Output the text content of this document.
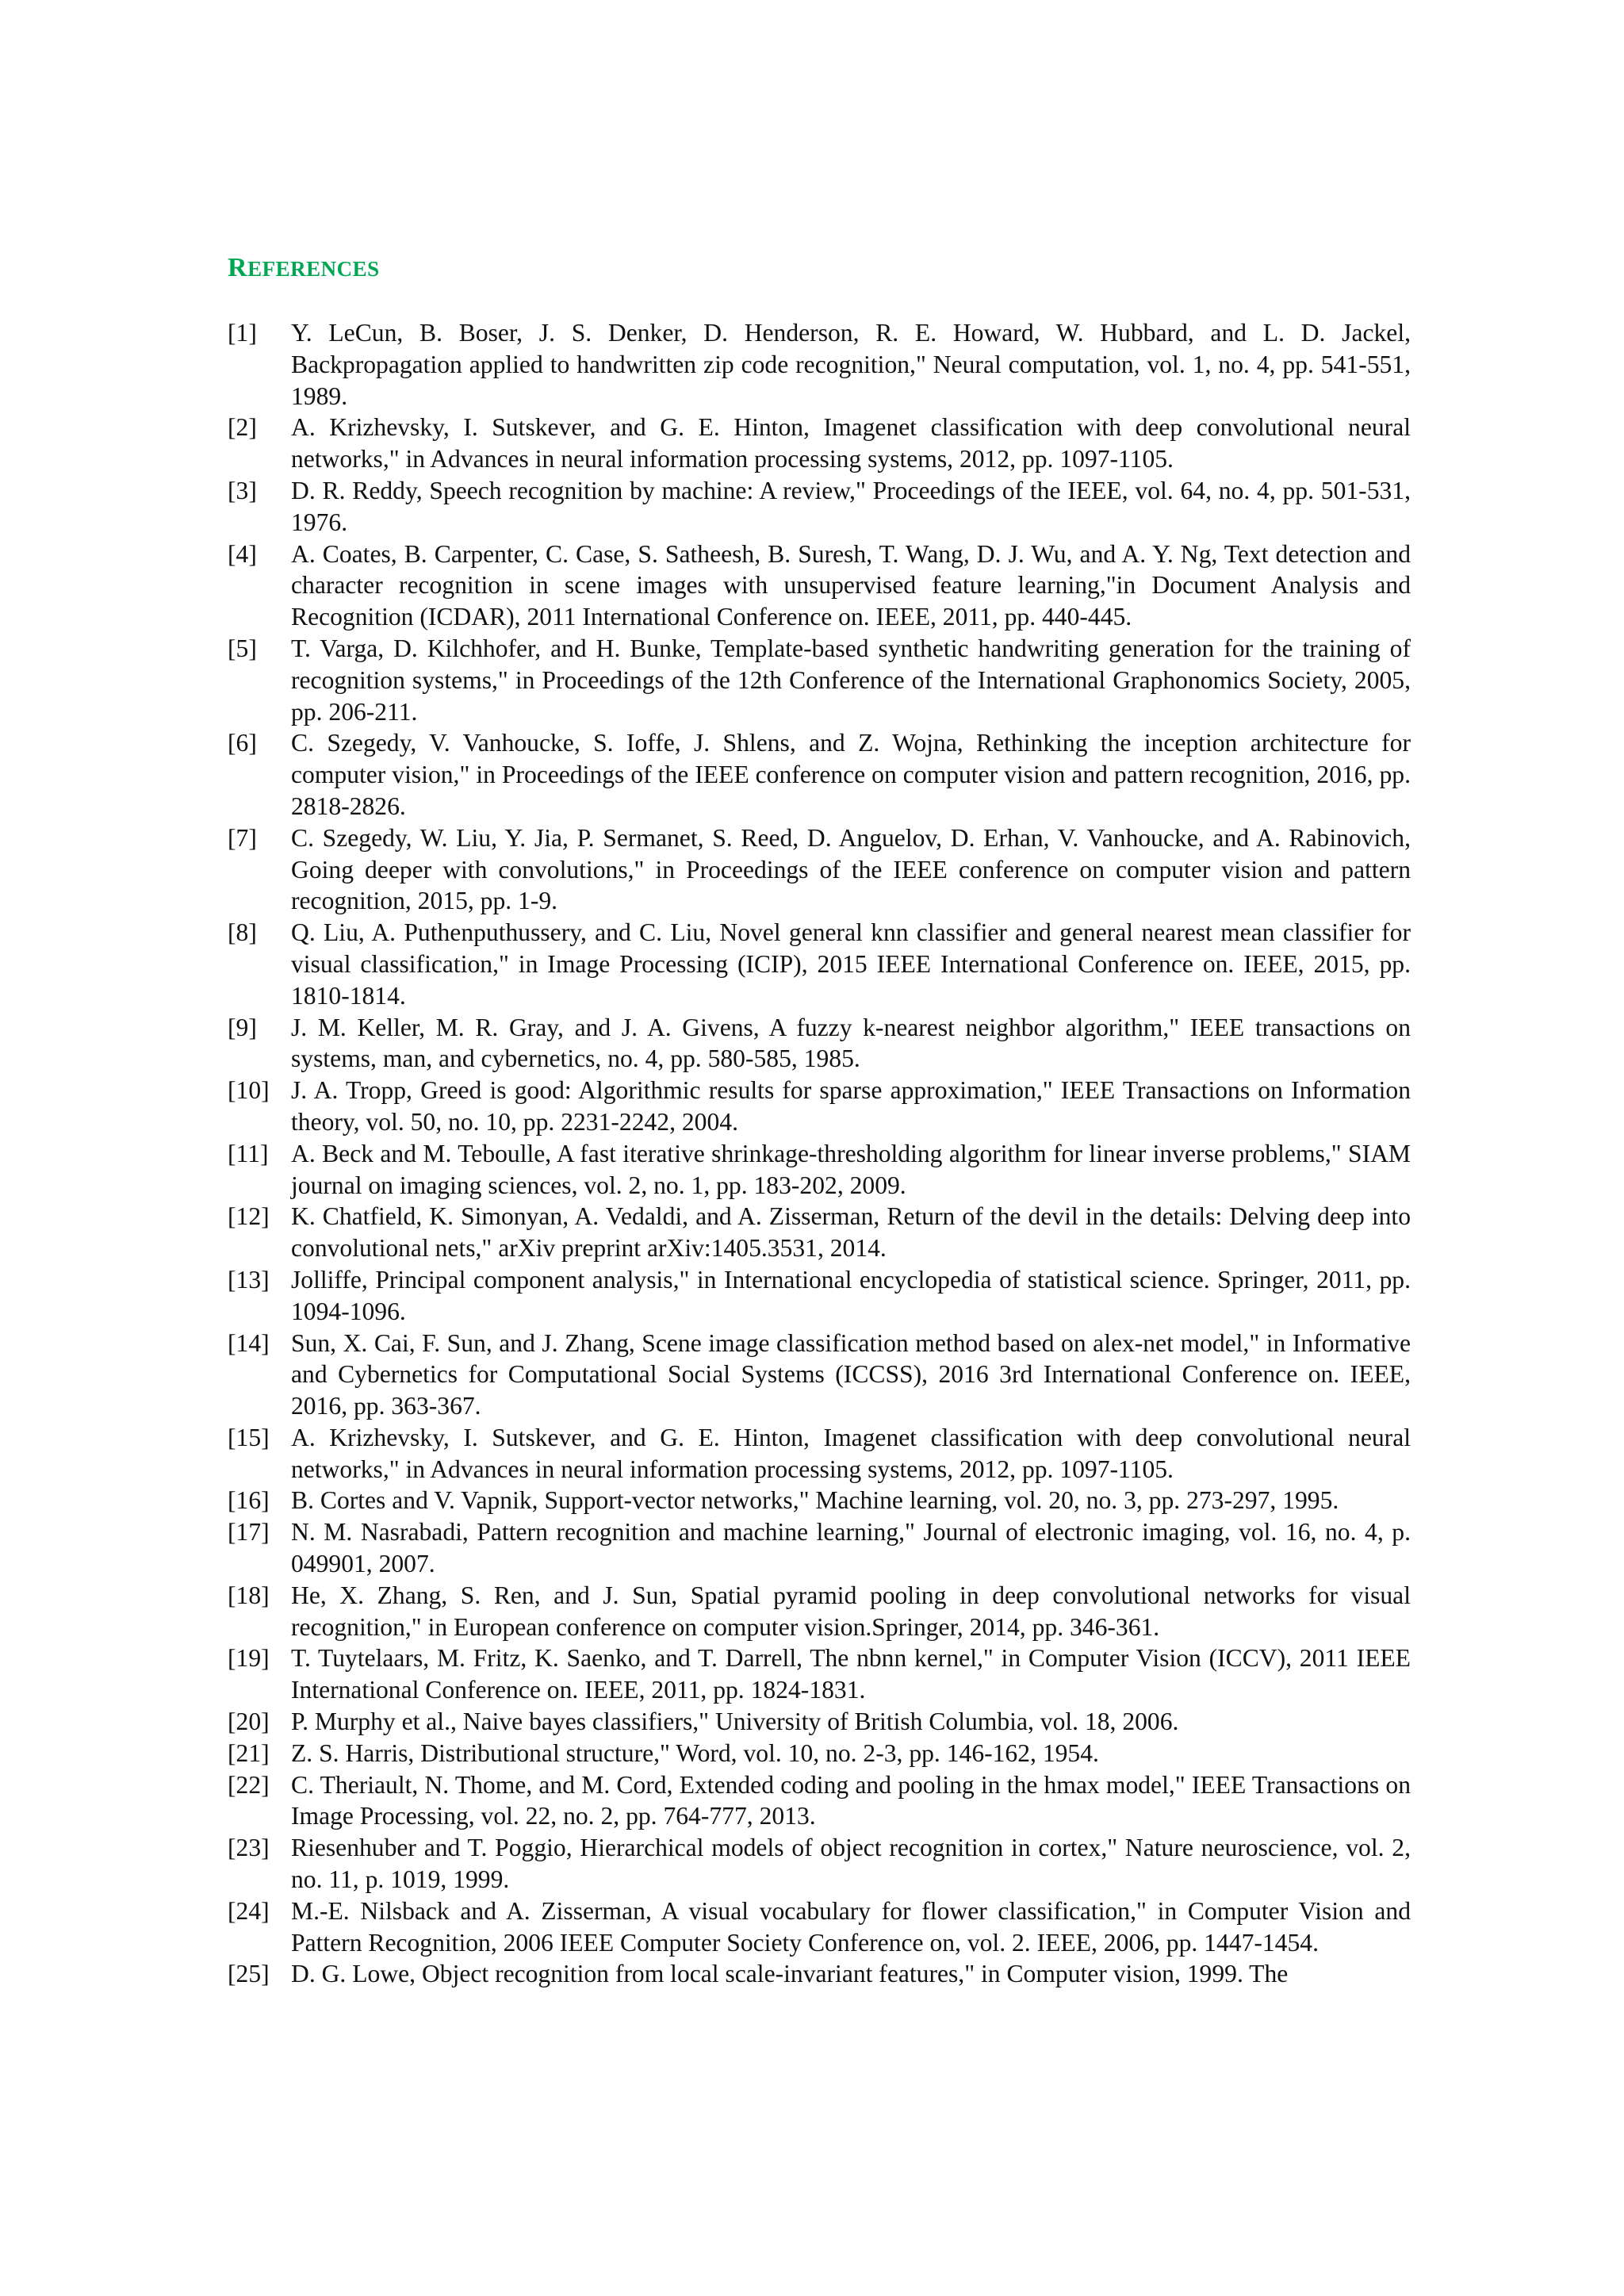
REFERENCES
[1] Y. LeCun, B. Boser, J. S. Denker, D. Henderson, R. E. Howard, W. Hubbard, and L. D. Jackel, Backpropagation applied to handwritten zip code recognition," Neural computation, vol. 1, no. 4, pp. 541-551, 1989.
[2] A. Krizhevsky, I. Sutskever, and G. E. Hinton, Imagenet classification with deep convolutional neural networks," in Advances in neural information processing systems, 2012, pp. 1097-1105.
[3] D. R. Reddy, Speech recognition by machine: A review," Proceedings of the IEEE, vol. 64, no. 4, pp. 501-531, 1976.
[4] A. Coates, B. Carpenter, C. Case, S. Satheesh, B. Suresh, T. Wang, D. J. Wu, and A. Y. Ng, Text detection and character recognition in scene images with unsupervised feature learning,"in Document Analysis and Recognition (ICDAR), 2011 International Conference on. IEEE, 2011, pp. 440-445.
[5] T. Varga, D. Kilchhofer, and H. Bunke, Template-based synthetic handwriting generation for the training of recognition systems," in Proceedings of the 12th Conference of the International Graphonomics Society, 2005, pp. 206-211.
[6] C. Szegedy, V. Vanhoucke, S. Ioffe, J. Shlens, and Z. Wojna, Rethinking the inception architecture for computer vision," in Proceedings of the IEEE conference on computer vision and pattern recognition, 2016, pp. 2818-2826.
[7] C. Szegedy, W. Liu, Y. Jia, P. Sermanet, S. Reed, D. Anguelov, D. Erhan, V. Vanhoucke, and A. Rabinovich, Going deeper with convolutions," in Proceedings of the IEEE conference on computer vision and pattern recognition, 2015, pp. 1-9.
[8] Q. Liu, A. Puthenputhussery, and C. Liu, Novel general knn classifier and general nearest mean classifier for visual classification," in Image Processing (ICIP), 2015 IEEE International Conference on. IEEE, 2015, pp. 1810-1814.
[9] J. M. Keller, M. R. Gray, and J. A. Givens, A fuzzy k-nearest neighbor algorithm," IEEE transactions on systems, man, and cybernetics, no. 4, pp. 580-585, 1985.
[10] J. A. Tropp, Greed is good: Algorithmic results for sparse approximation," IEEE Transactions on Information theory, vol. 50, no. 10, pp. 2231-2242, 2004.
[11] A. Beck and M. Teboulle, A fast iterative shrinkage-thresholding algorithm for linear inverse problems," SIAM journal on imaging sciences, vol. 2, no. 1, pp. 183-202, 2009.
[12] K. Chatfield, K. Simonyan, A. Vedaldi, and A. Zisserman, Return of the devil in the details: Delving deep into convolutional nets," arXiv preprint arXiv:1405.3531, 2014.
[13] Jolliffe, Principal component analysis," in International encyclopedia of statistical science. Springer, 2011, pp. 1094-1096.
[14] Sun, X. Cai, F. Sun, and J. Zhang, Scene image classification method based on alex-net model," in Informative and Cybernetics for Computational Social Systems (ICCSS), 2016 3rd International Conference on. IEEE, 2016, pp. 363-367.
[15] A. Krizhevsky, I. Sutskever, and G. E. Hinton, Imagenet classification with deep convolutional neural networks," in Advances in neural information processing systems, 2012, pp. 1097-1105.
[16] B. Cortes and V. Vapnik, Support-vector networks," Machine learning, vol. 20, no. 3, pp. 273-297, 1995.
[17] N. M. Nasrabadi, Pattern recognition and machine learning," Journal of electronic imaging, vol. 16, no. 4, p. 049901, 2007.
[18] He, X. Zhang, S. Ren, and J. Sun, Spatial pyramid pooling in deep convolutional networks for visual recognition," in European conference on computer vision.Springer, 2014, pp. 346-361.
[19] T. Tuytelaars, M. Fritz, K. Saenko, and T. Darrell, The nbnn kernel," in Computer Vision (ICCV), 2011 IEEE International Conference on. IEEE, 2011, pp. 1824-1831.
[20] P. Murphy et al., Naive bayes classifiers," University of British Columbia, vol. 18, 2006.
[21] Z. S. Harris, Distributional structure," Word, vol. 10, no. 2-3, pp. 146-162, 1954.
[22] C. Theriault, N. Thome, and M. Cord, Extended coding and pooling in the hmax model," IEEE Transactions on Image Processing, vol. 22, no. 2, pp. 764-777, 2013.
[23] Riesenhuber and T. Poggio, Hierarchical models of object recognition in cortex," Nature neuroscience, vol. 2, no. 11, p. 1019, 1999.
[24] M.-E. Nilsback and A. Zisserman, A visual vocabulary for flower classification," in Computer Vision and Pattern Recognition, 2006 IEEE Computer Society Conference on, vol. 2. IEEE, 2006, pp. 1447-1454.
[25] D. G. Lowe, Object recognition from local scale-invariant features," in Computer vision, 1999. The
